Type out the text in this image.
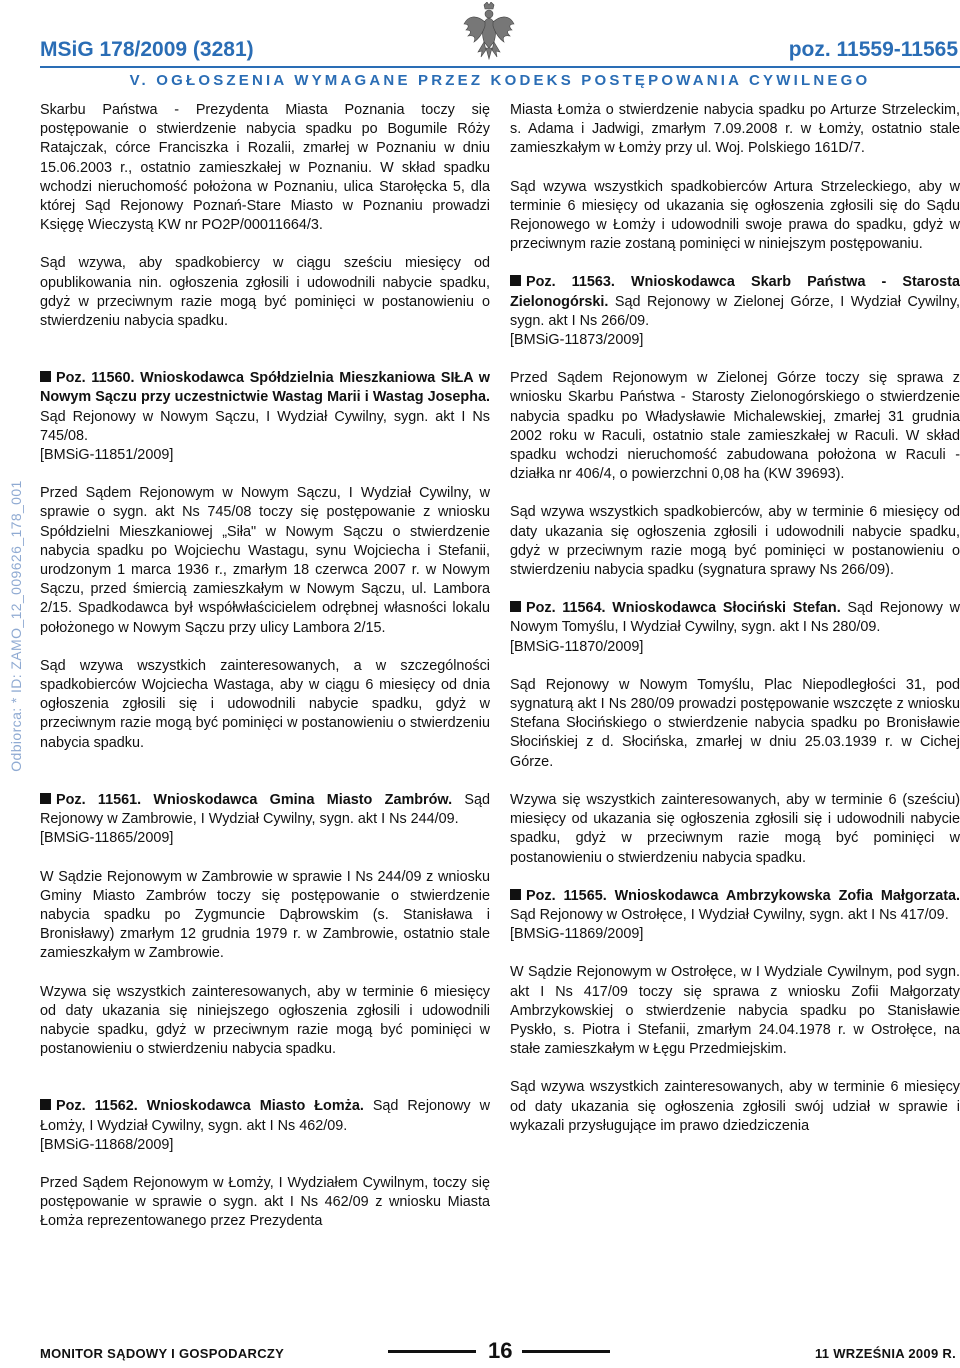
MSiG 178/2009 (3281)	poz. 11559-11565
V. OGŁOSZENIA WYMAGANE PRZEZ KODEKS POSTĘPOWANIA CYWILNEGO
Odbiorca: * ID: ZAMO_12_009626_178_001

Skarbu Państwa - Prezydenta Miasta Poznania toczy się postępowanie o stwierdzenie nabycia spadku po Bogumile Róży Ratajczak, córce Franciszka i Rozalii, zmarłej w Poznaniu w dniu 15.06.2003 r., ostatnio zamieszkałej w Poznaniu. W skład spadku wchodzi nieruchomość położona w Poznaniu, ulica Starołęcka 5, dla której Sąd Rejonowy Poznań-Stare Miasto w Poznaniu prowadzi Księgę Wieczystą KW nr PO2P/00011664/3.

Sąd wzywa, aby spadkobiercy w ciągu sześciu miesięcy od opublikowania nin. ogłoszenia zgłosili i udowodnili nabycie spadku, gdyż w przeciwnym razie mogą być pominięci w postanowieniu o stwierdzeniu nabycia spadku.

Poz. 11560. Wnioskodawca Spółdzielnia Mieszkaniowa SIŁA w Nowym Sączu przy uczestnictwie Wastag Marii i Wastag Josepha. Sąd Rejonowy w Nowym Sączu, I Wydział Cywilny, sygn. akt I Ns 745/08.

[BMSiG-11851/2009]

Przed Sądem Rejonowym w Nowym Sączu, I Wydział Cywilny, w sprawie o sygn. akt Ns 745/08 toczy się postępowanie z wniosku Spółdzielni Mieszkaniowej „Siła" w Nowym Sączu o stwierdzenie nabycia spadku po Wojciechu Wastagu, synu Wojciecha i Stefanii, urodzonym 1 marca 1936 r., zmarłym 18 czerwca 2007 r. w Nowym Sączu, przed śmiercią zamieszkałym w Nowym Sączu, ul. Lambora 2/15. Spadkodawca był współwłaścicielem odrębnej własności lokalu położonego w Nowym Sączu przy ulicy Lambora 2/15.

Sąd wzywa wszystkich zainteresowanych, a w szczególności spadkobierców Wojciecha Wastaga, aby w ciągu 6 miesięcy od dnia ogłoszenia zgłosili się i udowodnili nabycie spadku, gdyż w przeciwnym razie mogą być pominięci w postanowieniu o stwierdzeniu nabycia spadku.

Poz. 11561. Wnioskodawca Gmina Miasto Zambrów. Sąd Rejonowy w Zambrowie, I Wydział Cywilny, sygn. akt I Ns 244/09.

[BMSiG-11865/2009]

W Sądzie Rejonowym w Zambrowie w sprawie I Ns 244/09 z wniosku Gminy Miasto Zambrów toczy się postępowanie o stwierdzenie nabycia spadku po Zygmuncie Dąbrowskim (s. Stanisława i Bronisławy) zmarłym 12 grudnia 1979 r. w Zambrowie, ostatnio stale zamieszkałym w Zambrowie.

Wzywa się wszystkich zainteresowanych, aby w terminie 6 miesięcy od daty ukazania się niniejszego ogłoszenia zgłosili i udowodnili nabycie spadku, gdyż w przeciwnym razie mogą być pominięci w postanowieniu o stwierdzeniu nabycia spadku.

Poz. 11562. Wnioskodawca Miasto Łomża. Sąd Rejonowy w Łomży, I Wydział Cywilny, sygn. akt I Ns 462/09.

[BMSiG-11868/2009]

Przed Sądem Rejonowym w Łomży, I Wydziałem Cywilnym, toczy się postępowanie w sprawie o sygn. akt I Ns 462/09 z wniosku Miasta Łomża reprezentowanego przez Prezydenta

Miasta Łomża o stwierdzenie nabycia spadku po Arturze Strzeleckim, s. Adama i Jadwigi, zmarłym 7.09.2008 r. w Łomży, ostatnio stale zamieszkałym w Łomży przy ul. Woj. Polskiego 161D/7.

Sąd wzywa wszystkich spadkobierców Artura Strzeleckiego, aby w terminie 6 miesięcy od ukazania się ogłoszenia zgłosili się do Sądu Rejonowego w Łomży i udowodnili swoje prawa do spadku, gdyż w przeciwnym razie zostaną pominięci w niniejszym postępowaniu.

Poz. 11563. Wnioskodawca Skarb Państwa - Starosta Zielonogórski. Sąd Rejonowy w Zielonej Górze, I Wydział Cywilny, sygn. akt I Ns 266/09.

[BMSiG-11873/2009]

Przed Sądem Rejonowym w Zielonej Górze toczy się sprawa z wniosku Skarbu Państwa - Starosty Zielonogórskiego o stwierdzenie nabycia spadku po Władysławie Michalewskiej, zmarłej 31 grudnia 2002 roku w Raculi, ostatnio stale zamieszkałej w Raculi. W skład spadku wchodzi nieruchomość zabudowana położona w Raculi - działka nr 406/4, o powierzchni 0,08 ha (KW 39693).

Sąd wzywa wszystkich spadkobierców, aby w terminie 6 miesięcy od daty ukazania się ogłoszenia zgłosili i udowodnili nabycie spadku, gdyż w przeciwnym razie mogą być pominięci w postanowieniu o stwierdzeniu nabycia spadku (sygnatura sprawy Ns 266/09).

Poz. 11564. Wnioskodawca Słociński Stefan. Sąd Rejonowy w Nowym Tomyślu, I Wydział Cywilny, sygn. akt I Ns 280/09.

[BMSiG-11870/2009]

Sąd Rejonowy w Nowym Tomyślu, Plac Niepodległości 31, pod sygnaturą akt I Ns 280/09 prowadzi postępowanie wszczęte z wniosku Stefana Słocińskiego o stwierdzenie nabycia spadku po Bronisławie Słocińskiej z d. Słocińska, zmarłej w dniu 25.03.1939 r. w Cichej Górze.

Wzywa się wszystkich zainteresowanych, aby w terminie 6 (sześciu) miesięcy od ukazania się ogłoszenia zgłosili się i udowodnili nabycie spadku, gdyż w przeciwnym razie mogą być pominięci w postanowieniu o stwierdzeniu nabycia spadku.

Poz. 11565. Wnioskodawca Ambrzykowska Zofia Małgorzata. Sąd Rejonowy w Ostrołęce, I Wydział Cywilny, sygn. akt I Ns 417/09.

[BMSiG-11869/2009]

W Sądzie Rejonowym w Ostrołęce, w I Wydziale Cywilnym, pod sygn. akt I Ns 417/09 toczy się sprawa z wniosku Zofii Małgorzaty Ambrzykowskiej o stwierdzenie nabycia spadku po Stanisławie Pyskło, s. Piotra i Stefanii, zmarłym 24.04.1978 r. w Ostrołęce, na stałe zamieszkałym w Łęgu Przedmiejskim.

Sąd wzywa wszystkich zainteresowanych, aby w terminie 6 miesięcy od daty ukazania się ogłoszenia zgłosili swój udział w sprawie i wykazali przysługujące im prawo dziedziczenia

MONITOR SĄDOWY I GOSPODARCZY	16	11 WRZEŚNIA 2009 R.
